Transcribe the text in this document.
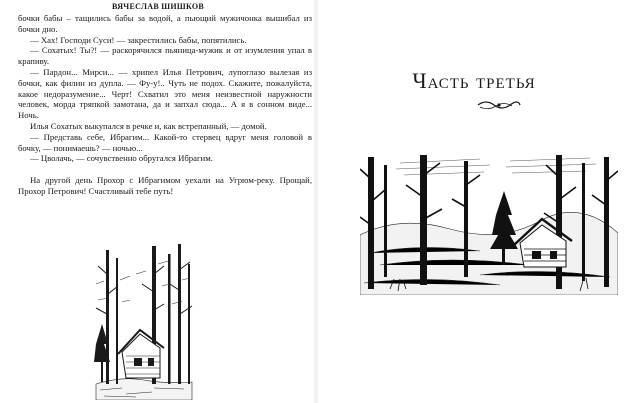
ВЯЧЕСЛАВ ШИШКОВ

бочки бабы – тащились бабы за водой, а пьющий мужичонка вышибал из бочки дно.

— Хах! Господи Суси! — закрестились бабы, попятились.

— Сохатых! Ты?! — раскорячился пьяница-мужик и от изумления упал в крапиву.

— Пардон... Мирси... — хрипел Илья Петрович, лупоглазо вылезая из бочки, как филин из дупла. — Фу-у!.. Чуть не подох. Скажите, пожалуйста, какое недоразумение... Черт! Схватил это меня неизвестной наружности человек, морда тряпкой замотана, да и запхал сюда... А я в сонном виде... Ночь.

Илья Сохатых выкупался в речке и, как встрепанный, — домой.

— Представь себе, Ибрагим... Какой-то стервец вдруг меня головой в бочку, — понимаешь? — ночью...

— Цволачь, — сочувственно обругался Ибрагим.

На другой день Прохор с Ибрагимом уехали на Угрюм-реку. Прощай, Прохор Петрович! Счастливый тебе путь!

Часть третья
